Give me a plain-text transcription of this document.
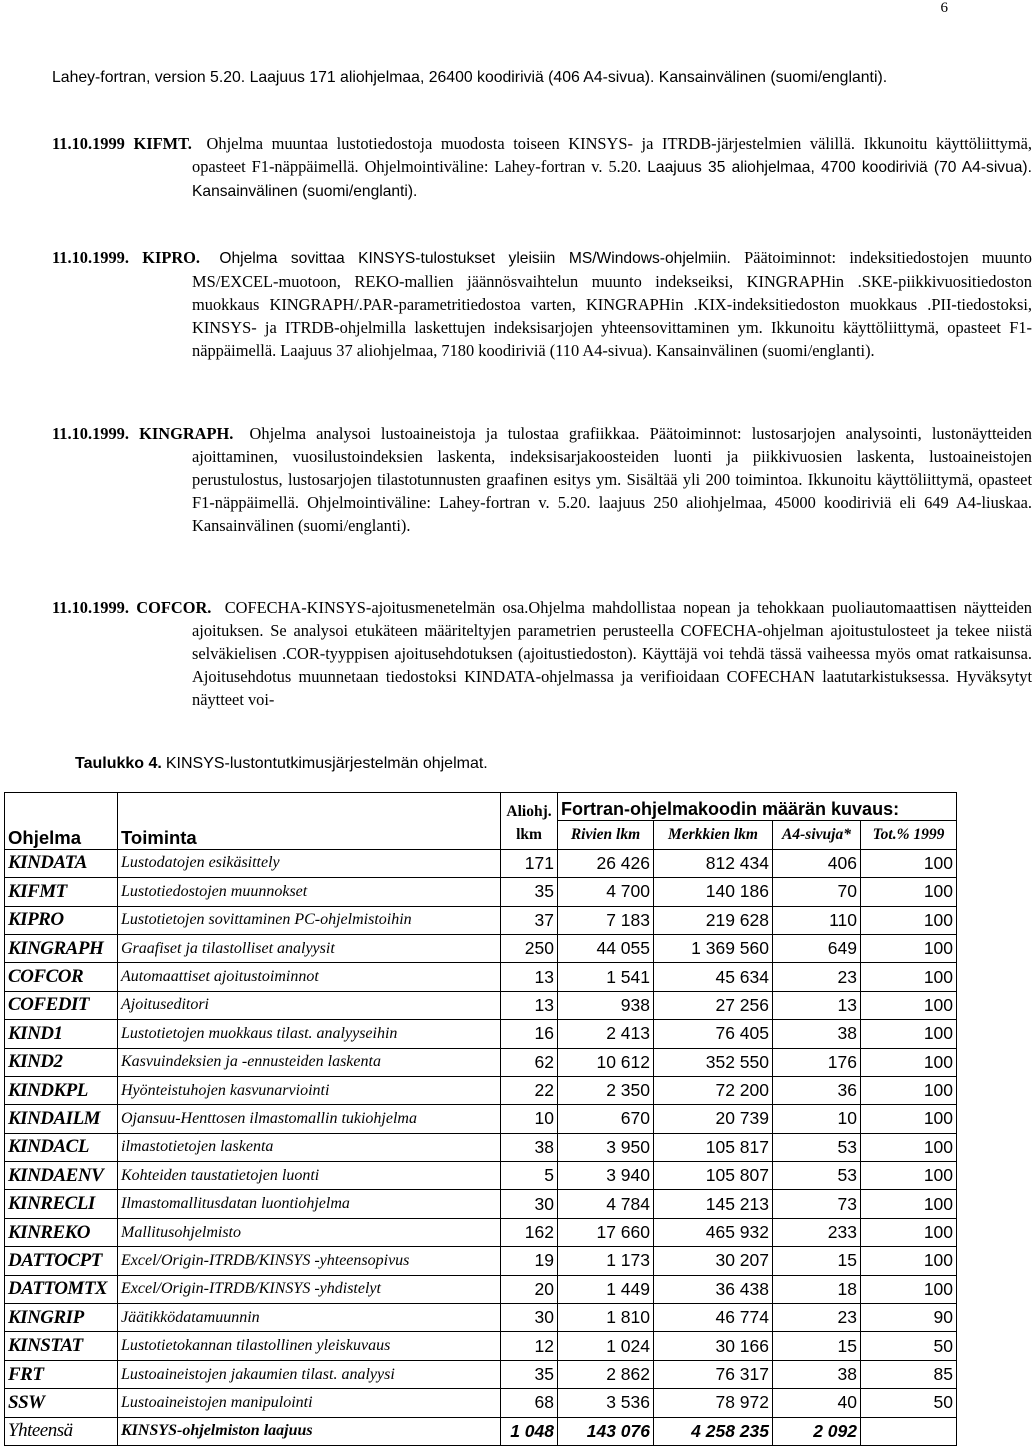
6
Lahey-fortran, version 5.20. Laajuus 171 aliohjelmaa, 26400 koodiriviä (406 A4-sivua). Kansainvälinen (suomi/englanti).
11.10.1999 KIFMT. Ohjelma muuntaa lustotiedostoja muodosta toiseen KINSYS- ja ITRDB-järjestelmien välillä. Ikkunoitu käyttöliittymä, opasteet F1-näppäimellä. Ohjelmointiväline: Lahey-fortran v. 5.20. Laajuus 35 aliohjelmaa, 4700 koodiriviä (70 A4-sivua). Kansainvälinen (suomi/englanti).
11.10.1999. KIPRO. Ohjelma sovittaa KINSYS-tulostukset yleisiin MS/Windows-ohjelmiin. Päätoiminnot: indeksitiedostojen muunto MS/EXCEL-muotoon, REKO-mallien jäännösvaihtelun muunto indekseiksi, KINGRAPHin .SKE-piikkivuositiedoston muokkaus KINGRAPH/.PAR-parametritiedostoa varten, KINGRAPHin .KIX-indeksitiedoston muokkaus .PII-tiedostoksi, KINSYS- ja ITRDB-ohjelmilla laskettujen indeksisarjojen yhteensovittaminen ym. Ikkunoitu käyttöliittymä, opasteet F1-näppäimellä. Laajuus 37 aliohjelmaa, 7180 koodiriviä (110 A4-sivua). Kansainvälinen (suomi/englanti).
11.10.1999. KINGRAPH. Ohjelma analysoi lustoaineistoja ja tulostaa grafiikkaa. Päätoiminnot: lustosarjojen analysointi, lustonäytteiden ajoittaminen, vuosilustoindeksien laskenta, indeksisarjakoosteiden luonti ja piikkivuosien laskenta, lustoaineistojen perustulostus, lustosarjojen tilastotunnusten graafinen esitys ym. Sisältää yli 200 toimintoa. Ikkunoitu käyttöliittymä, opasteet F1-näppäimellä. Ohjelmointiväline: Lahey-fortran v. 5.20. laajuus 250 aliohjelmaa, 45000 koodiriviä eli 649 A4-liuskaa. Kansainvälinen (suomi/englanti).
11.10.1999. COFCOR. COFECHA-KINSYS-ajoitusmenetelmän osa.Ohjelma mahdollistaa nopean ja tehokkaan puoliautomaattisen näytteiden ajoituksen. Se analysoi etukäteen määriteltyjen parametrien perusteella COFECHA-ohjelman ajoitustulosteet ja tekee niistä selväkielisen .COR-tyyppisen ajoitusehdotuksen (ajoitustiedoston). Käyttäjä voi tehdä tässä vaiheessa myös omat ratkaisunsa. Ajoitusehdotus muunnetaan tiedostoksi KINDATA-ohjelmassa ja verifioidaan COFECHAN laatutarkistuksessa. Hyväksytyt näytteet voi-
Taulukko 4. KINSYS-lustontutkimusjärjestelmän ohjelmat.
Ohjelma	Toiminta	Aliohj.	Fortran-ohjelmakoodin määrän kuvaus:			
		lkm	Rivien lkm	Merkkien lkm	A4-sivuja*	Tot.% 1999
KINDATA	Lustodatojen esikäsittely	171	26 426	812 434	406	100
KIFMT	Lustotiedostojen muunnokset	35	4 700	140 186	70	100
KIPRO	Lustotietojen sovittaminen PC-ohjelmistoihin	37	7 183	219 628	110	100
KINGRAPH	Graafiset ja tilastolliset analyysit	250	44 055	1 369 560	649	100
COFCOR	Automaattiset ajoitustoiminnot	13	1 541	45 634	23	100
COFEDIT	Ajoituseditori	13	938	27 256	13	100
KIND1	Lustotietojen muokkaus tilast. analyyseihin	16	2 413	76 405	38	100
KIND2	Kasvuindeksien ja -ennusteiden laskenta	62	10 612	352 550	176	100
KINDKPL	Hyönteistuhojen kasvunarviointi	22	2 350	72 200	36	100
KINDAILM	Ojansuu-Henttosen ilmastomallin tukiohjelma	10	670	20 739	10	100
KINDACL	ilmastotietojen laskenta	38	3 950	105 817	53	100
KINDAENV	Kohteiden taustatietojen luonti	5	3 940	105 807	53	100
KINRECLI	Ilmastomallitusdatan luontiohjelma	30	4 784	145 213	73	100
KINREKO	Mallitusohjelmisto	162	17 660	465 932	233	100
DATTOCPT	Excel/Origin-ITRDB/KINSYS -yhteensopivus	19	1 173	30 207	15	100
DATTOMTX	Excel/Origin-ITRDB/KINSYS -yhdistelyt	20	1 449	36 438	18	100
KINGRIP	Jäätikködatamuunnin	30	1 810	46 774	23	90
KINSTAT	Lustotietokannan tilastollinen yleiskuvaus	12	1 024	30 166	15	50
FRT	Lustoaineistojen jakaumien tilast. analyysi	35	2 862	76 317	38	85
SSW	Lustoaineistojen manipulointi	68	3 536	78 972	40	50
Yhteensä	KINSYS-ohjelmiston laajuus	1 048	143 076	4 258 235	2 092	
